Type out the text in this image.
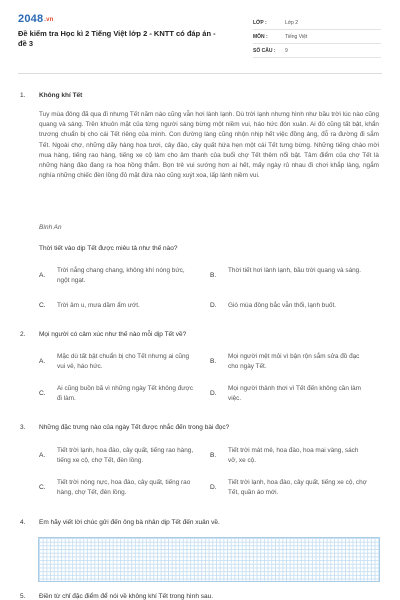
2048.vn
Đề kiểm tra Học kì 2 Tiếng Việt lớp 2 - KNTT có đáp án - đề 3
LỚP :	Lớp 2
MÔN :	Tiếng Việt
SỐ CÂU :	9
1. Không khí Tết
Tuy mùa đông đã qua đi nhưng Tết năm nào cũng vẫn hơi lành lạnh. Dù trời lạnh nhưng hình như bầu trời lúc nào cũng quang và sáng. Trên khuôn mặt của từng người sáng bừng một niềm vui, háo hức đón xuân. Ai đó cũng tất bật, khẩn trương chuẩn bị cho cái Tết riêng của mình. Con đường làng cũng nhộn nhịp hết việc đồng áng, đỗ ra đường đi sắm Tết. Ngoài chợ, những dãy hàng hoa tươi, cây đào, cây quất hứa hẹn một cái Tết tưng bừng. Những tiếng chào mời mua hàng, tiếng rao hàng, tiếng xe cộ làm cho âm thanh của buổi chợ Tết thêm nổi bật. Tâm điểm của chợ Tết là những hàng đào đang ra hoa hồng thắm. Bọn trẻ vui sướng hơn ai hết, mấy ngày rủ nhau đi chơi khắp làng, ngắm nghía những chiếc đèn lồng đỏ mặt đứa nào cũng xuýt xoa, lấp lánh niềm vui.
Bình An
Thời tiết vào dịp Tết được miêu tả như thế nào?
A.
Trời nắng chang chang, không khí nóng bức, ngột ngạt.
B.
Thời tiết hơi lành lạnh, bầu trời quang và sáng.
C. Trời âm u, mưa dầm ẩm ướt.	D. Gió mùa đông bắc vẫn thổi, lạnh buốt.
2. Mọi người có cảm xúc như thế nào mỗi dịp Tết về?
A.
Mặc dù tất bật chuẩn bị cho Tết nhưng ai cũng vui vẻ, háo hức.
B.
Mọi người mệt mỏi vì bận rộn sắm sửa đồ đạc cho ngày Tết.
C.
Ai cũng buồn bã vì những ngày Tết không được đi làm.
D.
Mọi người thảnh thơi vì Tết đến không cần làm việc.
3. Những đặc trưng nào của ngày Tết được nhắc đến trong bài đọc?
A.
Tiết trời lạnh, hoa đào, cây quất, tiếng rao hàng, tiếng xe cộ, chợ Tết, đèn lồng.
B.
Tiết trời mát mẻ, hoa đào, hoa mai vàng, sách vở, xe cộ.
C.
Tiết trời nóng nực, hoa đào, cây quất, tiếng rao hàng, chợ Tết, đèn lồng.
D.
Tiết trời lạnh, hoa đào, cây quất, tiếng xe cộ, chợ Tết, quần áo mới.
4. Em hãy viết lời chúc gửi đến ông bà nhân dịp Tết đến xuân về.
5. Điền từ chỉ đặc điểm để nói về không khí Tết trong hình sau.
